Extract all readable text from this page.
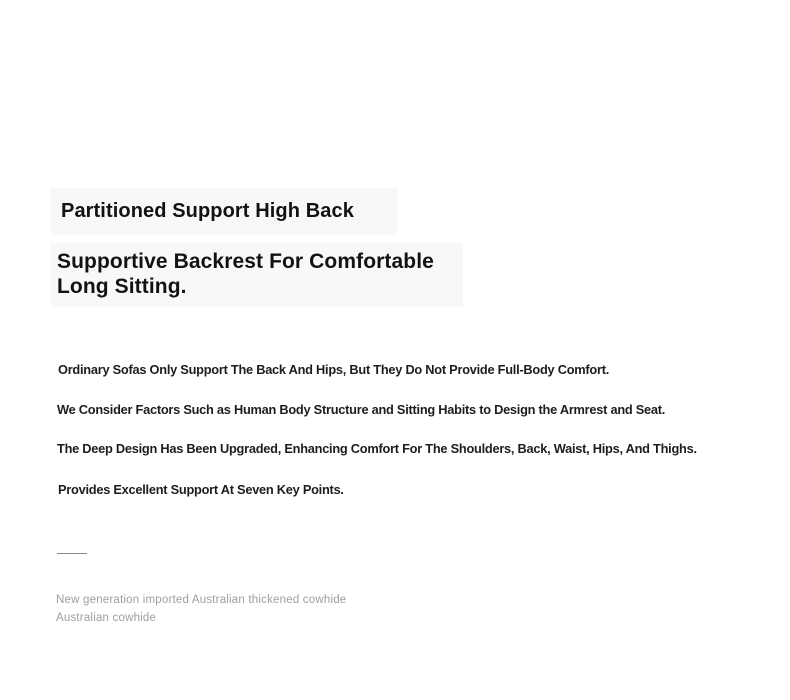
Partitioned Support High Back
Supportive Backrest For Comfortable
Long Sitting.
Ordinary Sofas Only Support The Back And Hips, But They Do Not Provide Full-Body Comfort.
We Consider Factors Such as Human Body Structure and Sitting Habits to Design the Armrest and Seat.
The Deep Design Has Been Upgraded, Enhancing Comfort For The Shoulders, Back, Waist, Hips, And Thighs.
Provides Excellent Support At Seven Key Points.
New generation imported Australian thickened cowhide
Australian cowhide
